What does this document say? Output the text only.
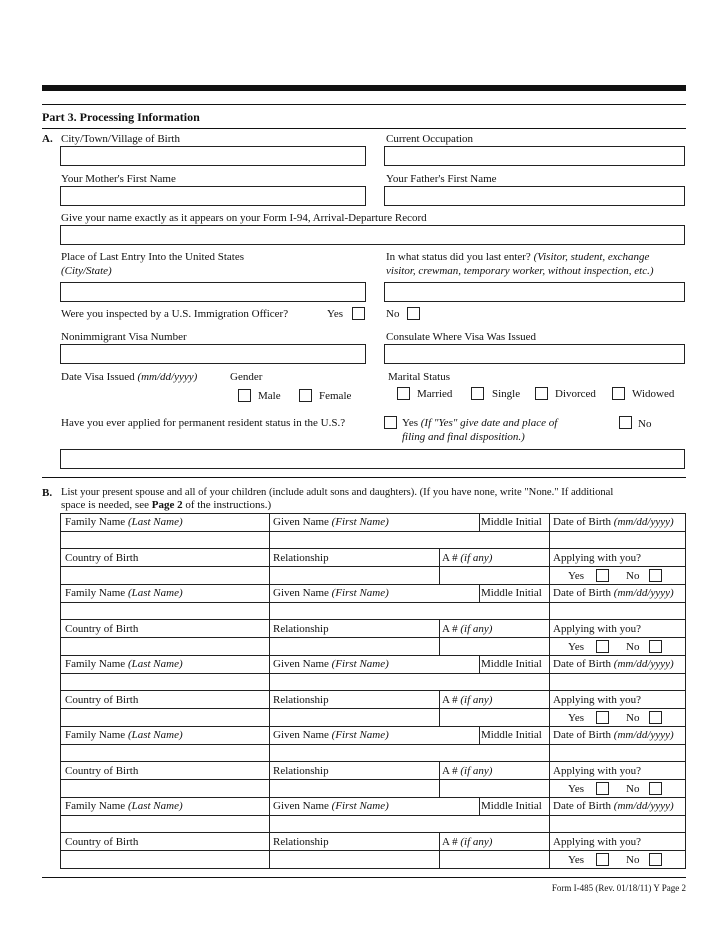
Part 3. Processing Information
A. City/Town/Village of Birth	Current Occupation
Your Mother's First Name	Your Father's First Name
Give your name exactly as it appears on your Form I-94, Arrival-Departure Record
Place of Last Entry Into the United States
(City/State)
In what status did you last enter? (Visitor, student, exchange
visitor, crewman, temporary worker, without inspection, etc.)
Were you inspected by a U.S. Immigration Officer?	Yes	No
Nonimmigrant Visa Number	Consulate Where Visa Was Issued
Date Visa Issued (mm/dd/yyyy)	Gender	Marital Status
Male	Female	Married	Single	Divorced	Widowed
Have you ever applied for permanent resident status in the U.S.?	Yes (If "Yes" give date and place of
filing and final disposition.)
No
B. List your present spouse and all of your children (include adult sons and daughters). (If you have none, write "None." If additional
space is needed, see Page 2 of the instructions.)
Family Name (Last Name)	Given Name (First Name)	Middle Initial Date of Birth (mm/dd/yyyy)
Country of Birth	Relationship	A # (if any)	Applying with you?
Yes	No
Family Name (Last Name)	Given Name (First Name)	Middle Initial Date of Birth (mm/dd/yyyy)
Country of Birth	Relationship	A # (if any)	Applying with you?
Yes	No
Family Name (Last Name)	Given Name (First Name)	Middle Initial Date of Birth (mm/dd/yyyy)
Country of Birth	Relationship	A # (if any)	Applying with you?
Yes	No
Family Name (Last Name)	Given Name (First Name)	Middle Initial Date of Birth (mm/dd/yyyy)
Country of Birth	Relationship	A # (if any)	Applying with you?
Yes	No
Family Name (Last Name)	Given Name (First Name)	Middle Initial Date of Birth (mm/dd/yyyy)
Country of Birth	Relationship	A # (if any)	Applying with you?
Yes	No
Form I-485 (Rev. 01/18/11) Y Page 2
